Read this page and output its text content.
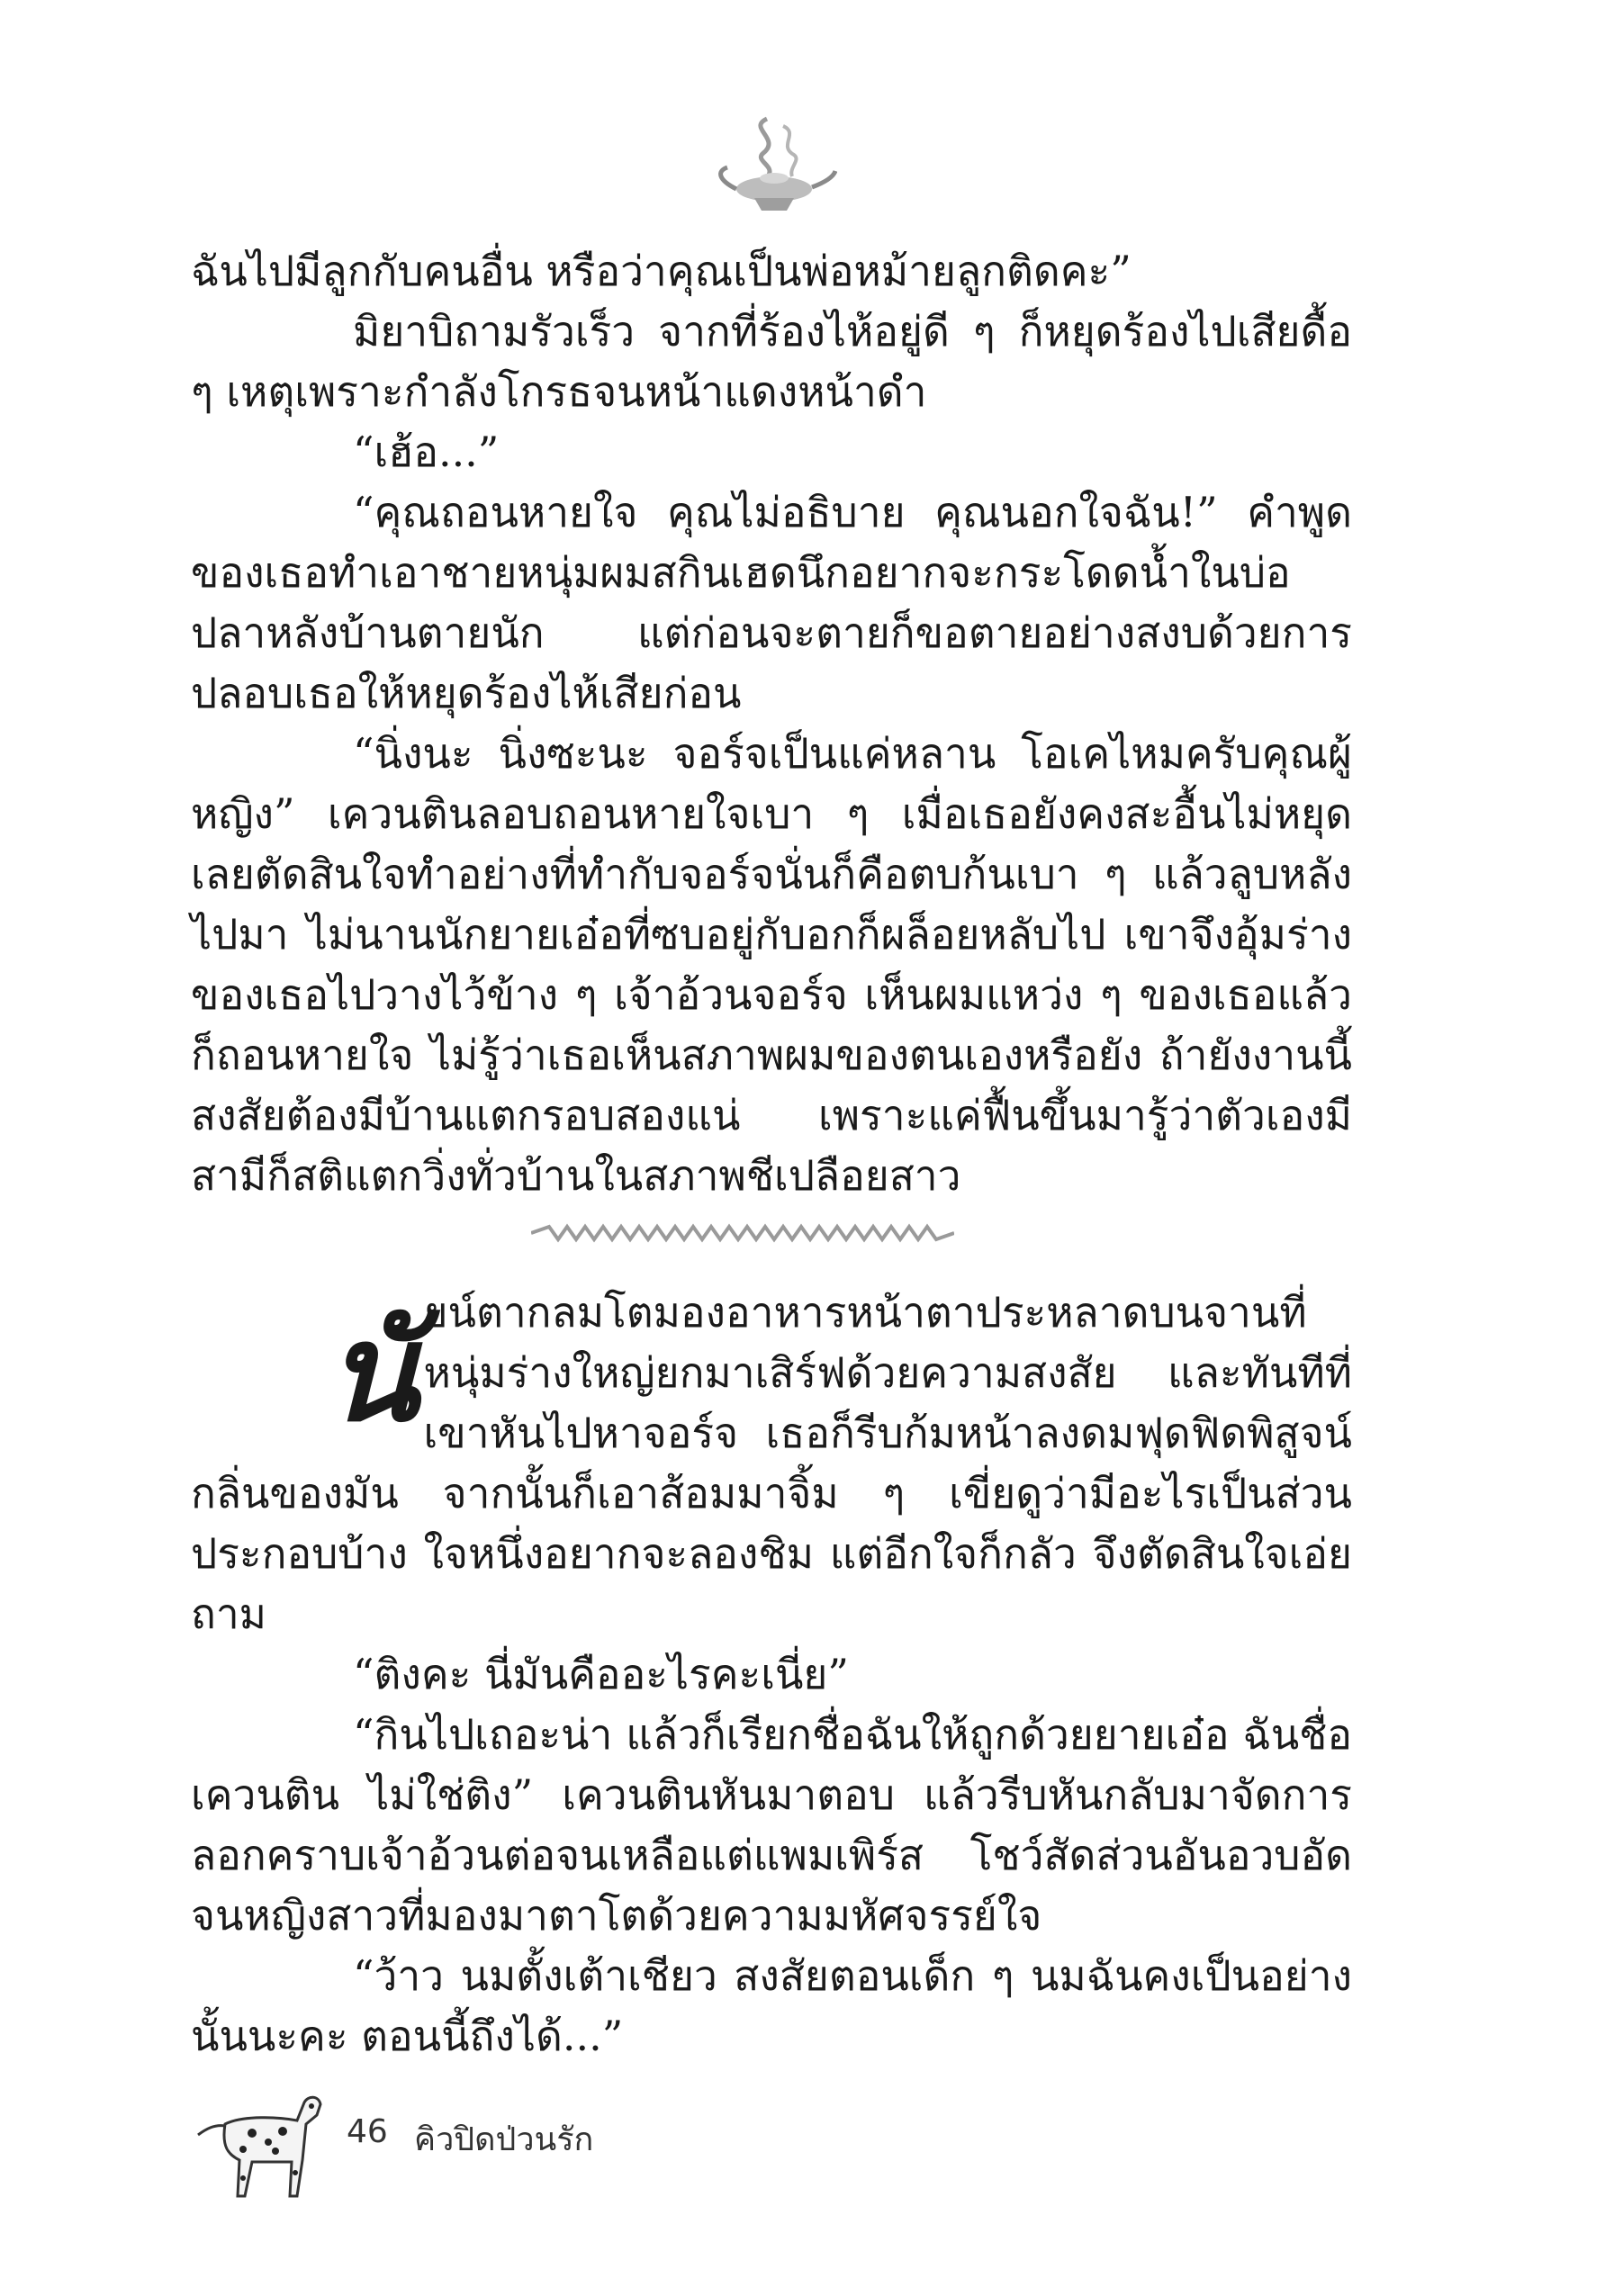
ฉันไปมีลูกกับคนอื่น หรือว่าคุณเป็นพ่อหม้ายลูกติดคะ”

มิยาบิถามรัวเร็ว จากที่ร้องไห้อยู่ดี ๆ ก็หยุดร้องไปเสียดื้อ ๆ เหตุเพราะกำลังโกรธจนหน้าแดงหน้าดำ

“เฮ้อ...”

“คุณถอนหายใจ คุณไม่อธิบาย คุณนอกใจฉัน!” คำพูดของเธอทำเอาชายหนุ่มผมสกินเฮดนึกอยากจะกระโดดน้ำในบ่อปลาหลังบ้านตายนัก แต่ก่อนจะตายก็ขอตายอย่างสงบด้วยการปลอบเธอให้หยุดร้องไห้เสียก่อน

“นิ่งนะ นิ่งซะนะ จอร์จเป็นแค่หลาน โอเคไหมครับคุณผู้หญิง” เควนตินลอบถอนหายใจเบา ๆ เมื่อเธอยังคงสะอื้นไม่หยุด เลยตัดสินใจทำอย่างที่ทำกับจอร์จนั่นก็คือตบก้นเบา ๆ แล้วลูบหลังไปมา ไม่นานนักยายเอ๋อที่ซบอยู่กับอกก็ผล็อยหลับไป เขาจึงอุ้มร่างของเธอไปวางไว้ข้าง ๆ เจ้าอ้วนจอร์จ เห็นผมแหว่ง ๆ ของเธอแล้วก็ถอนหายใจ ไม่รู้ว่าเธอเห็นสภาพผมของตนเองหรือยัง ถ้ายังงานนี้สงสัยต้องมีบ้านแตกรอบสองแน่ เพราะแค่ฟื้นขึ้นมารู้ว่าตัวเองมีสามีก็สติแตกวิ่งทั่วบ้านในสภาพชีเปลือยสาว

นัยน์ตากลมโตมองอาหารหน้าตาประหลาดบนจานที่หนุ่มร่างใหญ่ยกมาเสิร์ฟด้วยความสงสัย และทันทีที่เขาหันไปหาจอร์จ เธอก็รีบก้มหน้าลงดมฟุดฟิดพิสูจน์กลิ่นของมัน จากนั้นก็เอาส้อมมาจิ้ม ๆ เขี่ยดูว่ามีอะไรเป็นส่วนประกอบบ้าง ใจหนึ่งอยากจะลองชิม แต่อีกใจก็กลัว จึงตัดสินใจเอ่ยถาม

“ติงคะ นี่มันคืออะไรคะเนี่ย”

“กินไปเถอะน่า แล้วก็เรียกชื่อฉันให้ถูกด้วยยายเอ๋อ ฉันชื่อเควนติน ไม่ใช่ติง” เควนตินหันมาตอบ แล้วรีบหันกลับมาจัดการลอกคราบเจ้าอ้วนต่อจนเหลือแต่แพมเพิร์ส โชว์สัดส่วนอันอวบอัดจนหญิงสาวที่มองมาตาโตด้วยความมหัศจรรย์ใจ

“ว้าว นมตั้งเต้าเชียว สงสัยตอนเด็ก ๆ นมฉันคงเป็นอย่างนั้นนะคะ ตอนนี้ถึงได้...”

46 คิวปิดป่วนรัก
